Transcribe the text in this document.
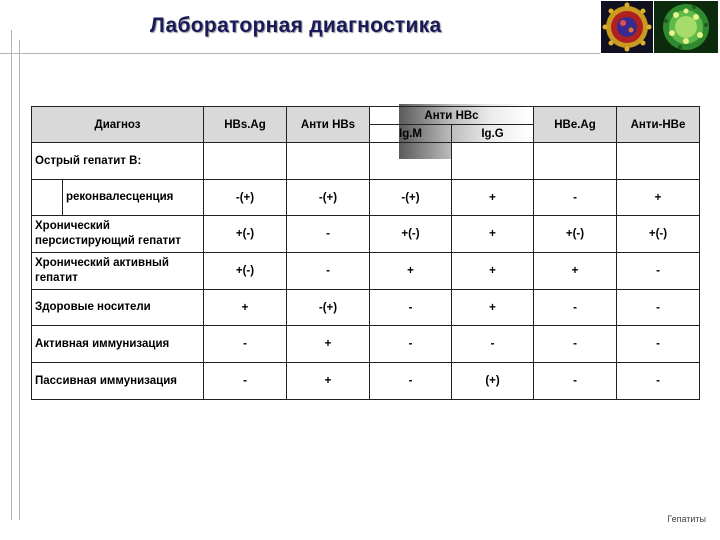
Лабораторная диагностика
Диагноз	HBs.Ag	Анти HBs	Анти HBc		HBe.Ag	Анти-HBe
			Ig.M	Ig.G		
Острый гепатит В:						

реконвалесценция	-(+)	-(+)	-(+)	+	-	+
Хронический персистирующий гепатит	+(-)	-	+(-)	+	+(-)	+(-)
Хронический активный гепатит	+(-)	-	+	+	+	-
Здоровые носители	+	-(+)	-	+	-	-
Активная иммунизация	-	+	-	-	-	-
Пассивная иммунизация	-	+	-	(+)	-	-
Гепатиты
